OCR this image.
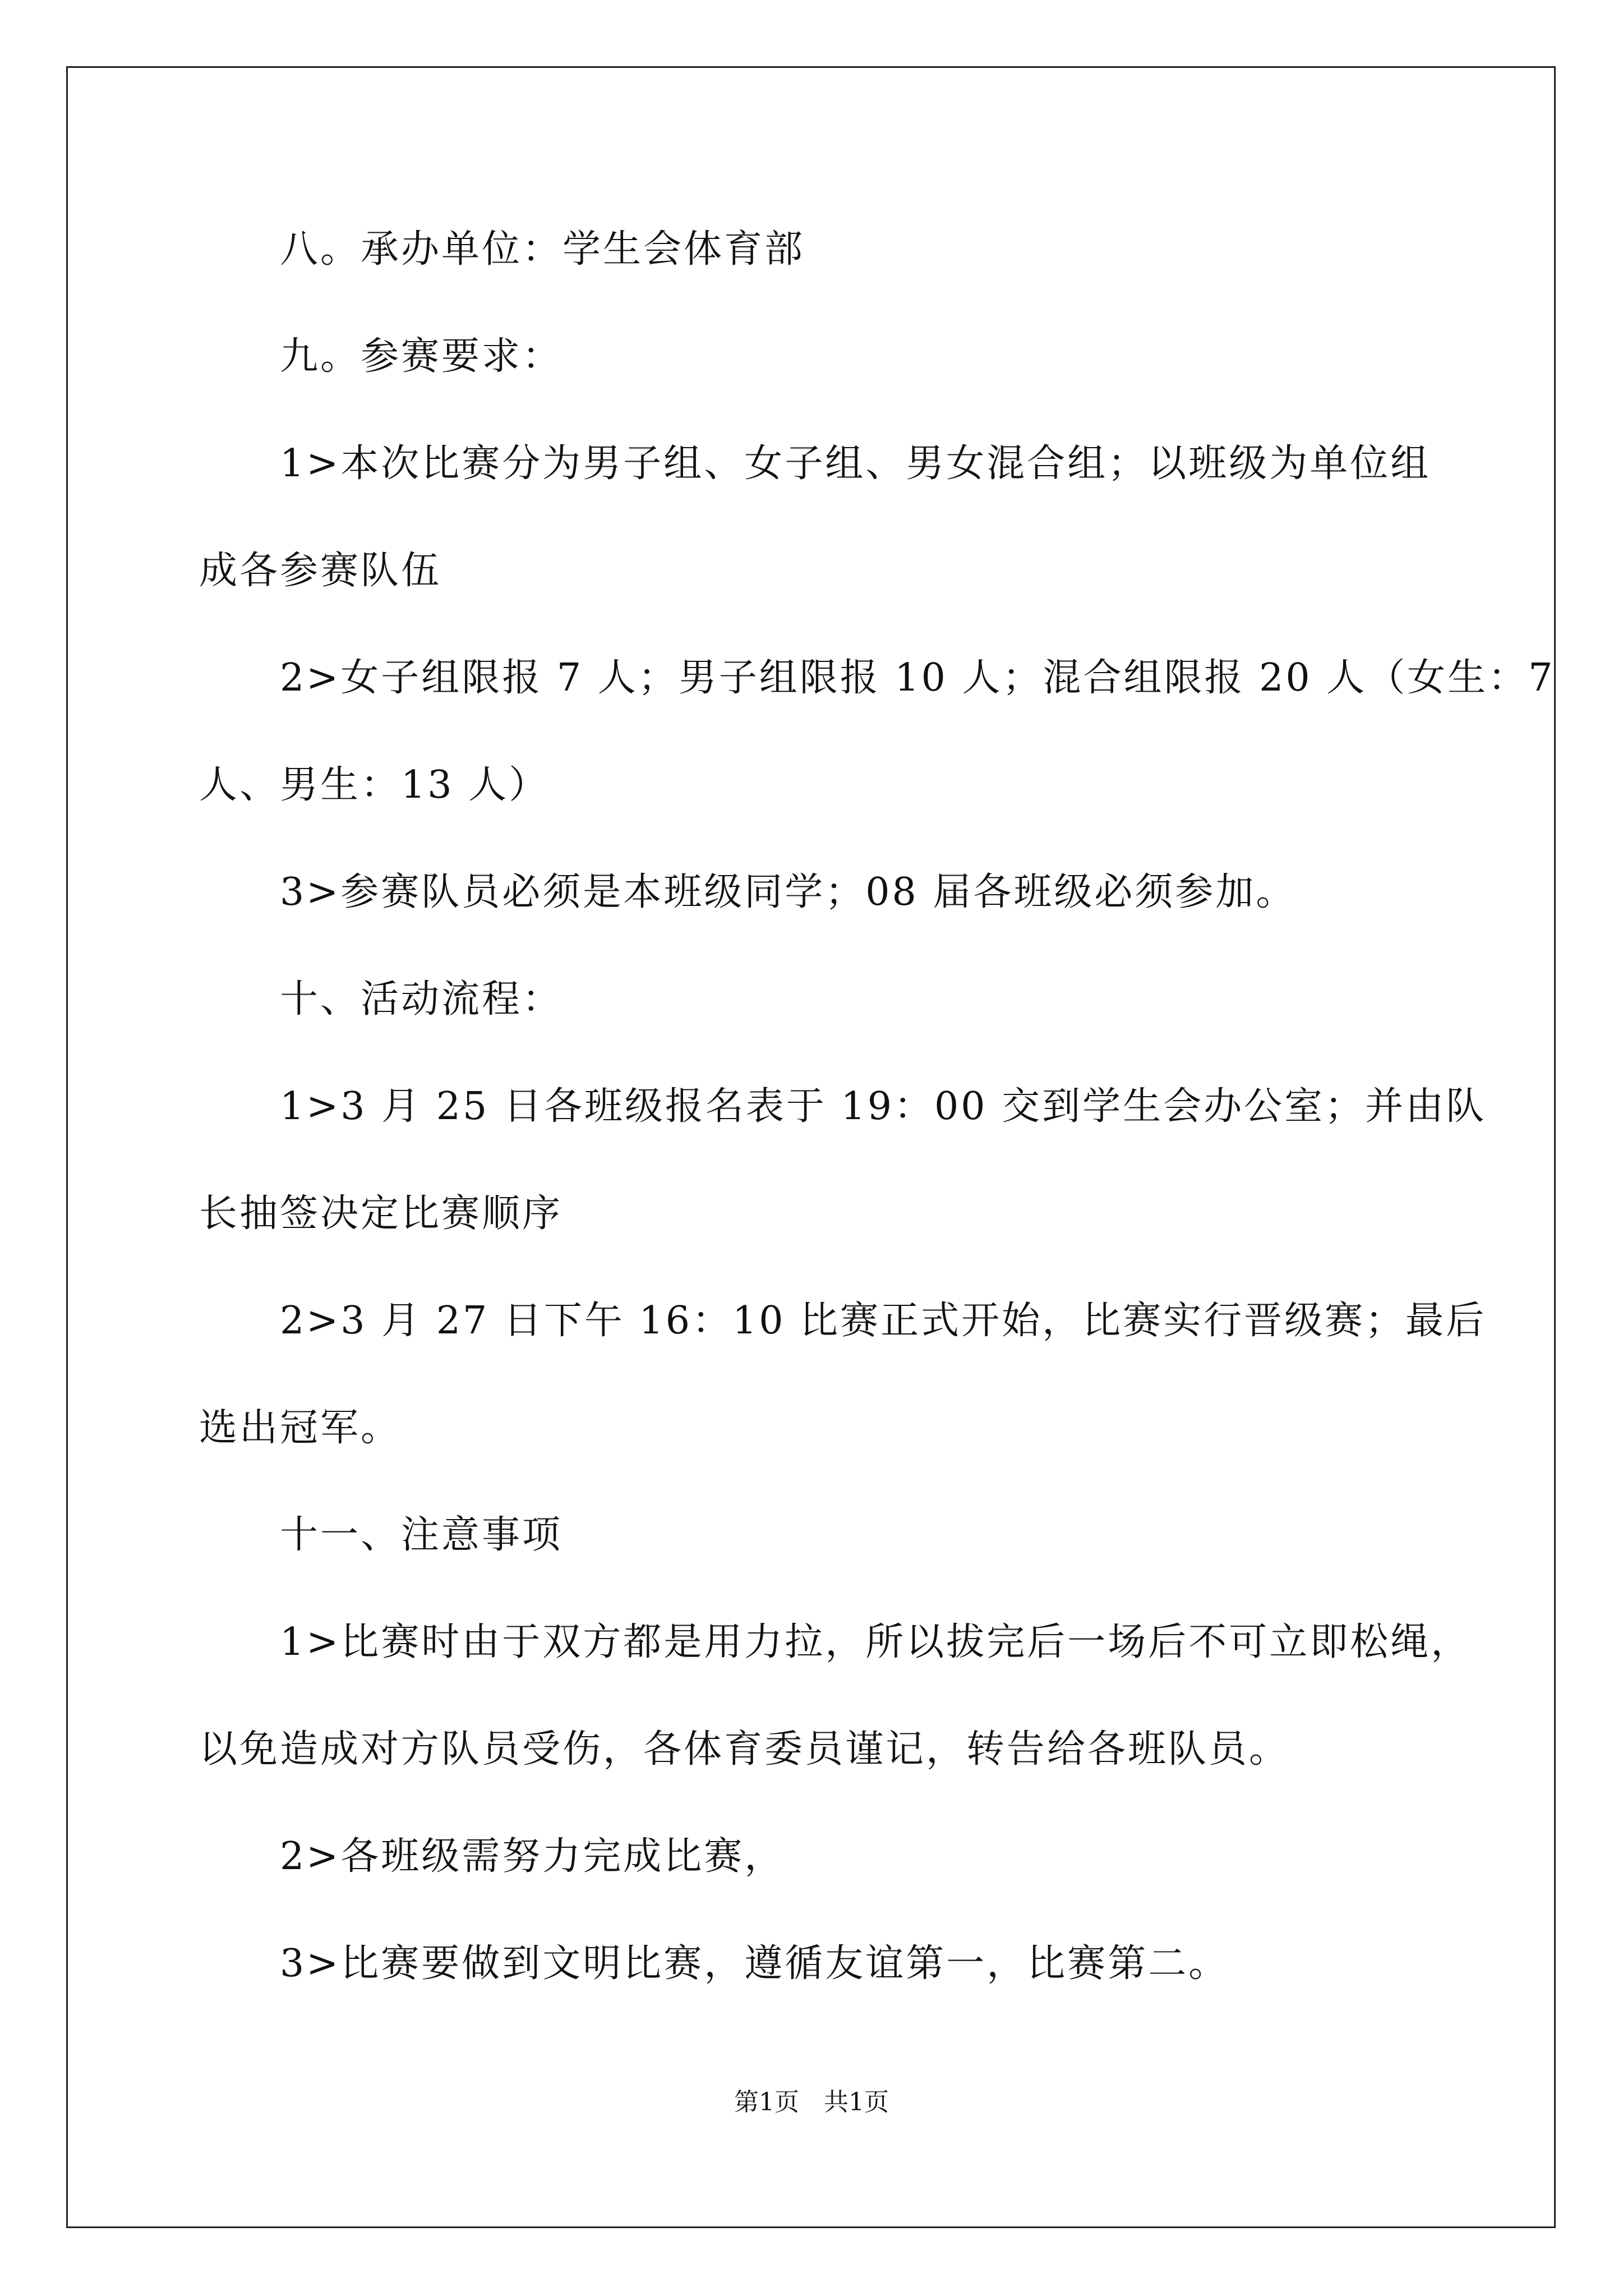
　　八。承办单位：学生会体育部
　　九。参赛要求：
　　1>本次比赛分为男子组、女子组、男女混合组；以班级为单位组
成各参赛队伍
　　2>女子组限报 7 人；男子组限报 10 人；混合组限报 20 人（女生：7
人、男生：13 人）
　　3>参赛队员必须是本班级同学；08 届各班级必须参加。
　　十、活动流程：
　　1>3 月 25 日各班级报名表于 19：00 交到学生会办公室；并由队
长抽签决定比赛顺序
　　2>3 月 27 日下午 16：10 比赛正式开始，比赛实行晋级赛；最后
选出冠军。
　　十一、注意事项
　　1>比赛时由于双方都是用力拉，所以拔完后一场后不可立即松绳，
以免造成对方队员受伤，各体育委员谨记，转告给各班队员。
　　2>各班级需努力完成比赛，
　　3>比赛要做到文明比赛，遵循友谊第一，比赛第二。
第1页　共1页
